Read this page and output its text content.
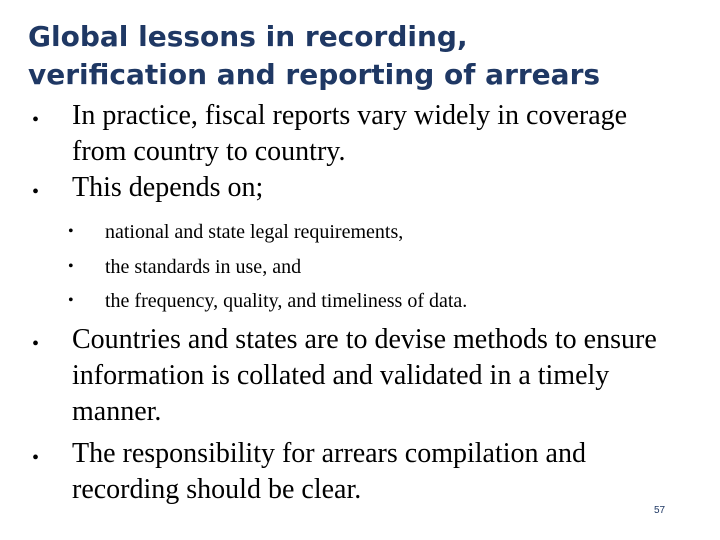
Global lessons in recording,
verification and reporting of arrears
• In practice, fiscal reports vary widely in coverage
from country to country.
• This depends on;
• national and state legal requirements,
• the standards in use, and
• the frequency, quality, and timeliness of data.
• Countries and states are to devise methods to ensure
information is collated and validated in a timely
manner.
• The responsibility for arrears compilation and
recording should be clear.
57
